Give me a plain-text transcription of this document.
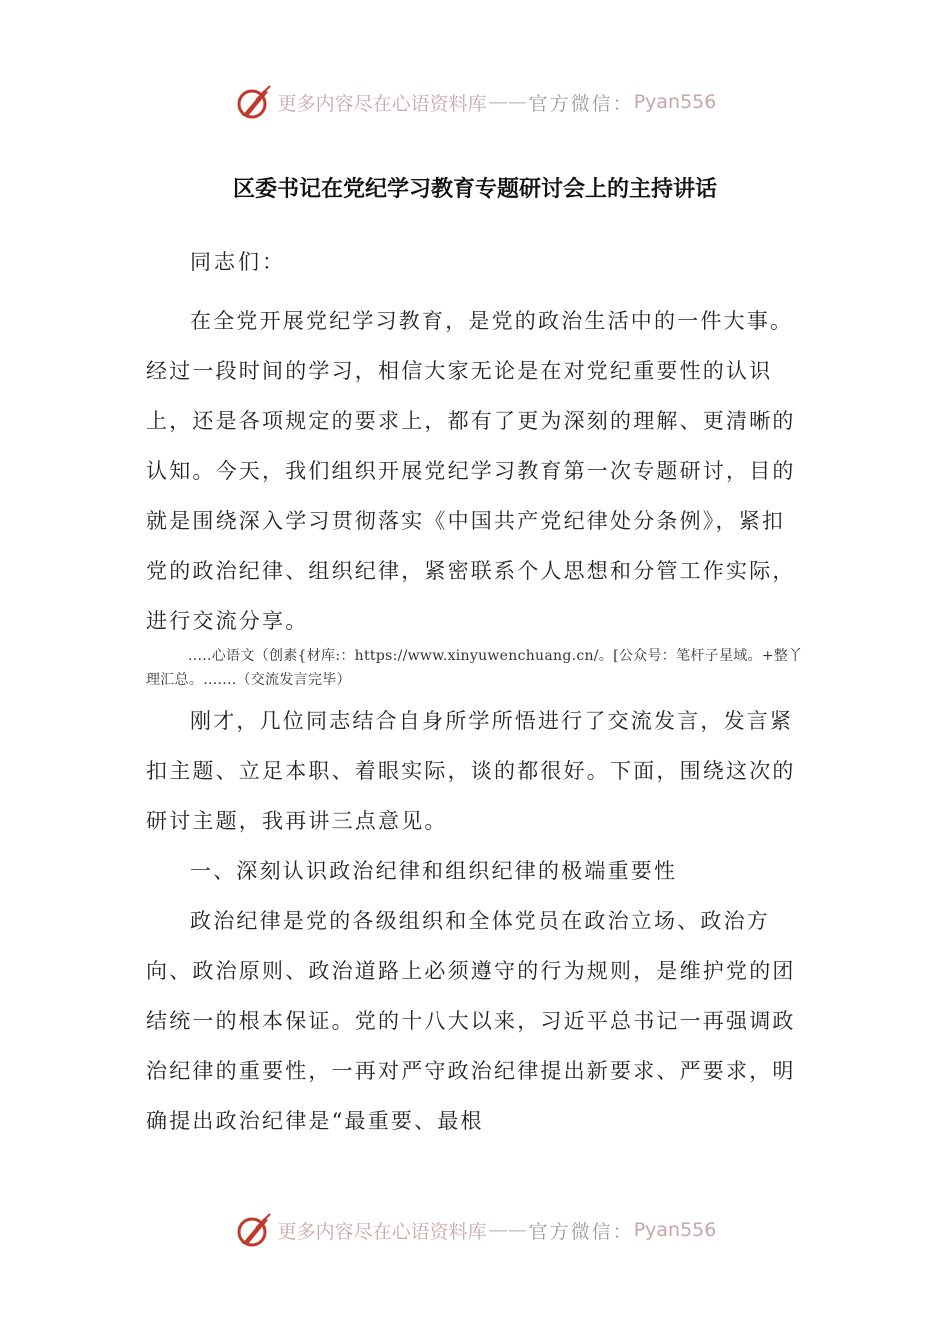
更多内容尽在心语资料库 —— 官方微信： Pyan556
区委书记在党纪学习教育专题研讨会上的主持讲话
同志们：

在全党开展党纪学习教育，是党的政治生活中的一件大事。经过一段时间的学习，相信大家无论是在对党纪重要性的认识上，还是各项规定的要求上，都有了更为深刻的理解、更清晰的认知。今天，我们组织开展党纪学习教育第一次专题研讨，目的就是围绕深入学习贯彻落实《中国共产党纪律处分条例》，紧扣党的政治纪律、组织纪律，紧密联系个人思想和分管工作实际，进行交流分享。

.....心语文（创素{材库:：https://www.xinyuwenchuang.cn/。[公众号：笔杆子星域。+整丫理汇总。.......（交流发言完毕）

刚才，几位同志结合自身所学所悟进行了交流发言，发言紧扣主题、立足本职、着眼实际，谈的都很好。下面，围绕这次的研讨主题，我再讲三点意见。

一、深刻认识政治纪律和组织纪律的极端重要性

政治纪律是党的各级组织和全体党员在政治立场、政治方向、政治原则、政治道路上必须遵守的行为规则，是维护党的团结统一的根本保证。党的十八大以来，习近平总书记一再强调政治纪律的重要性，一再对严守政治纪律提出新要求、严要求，明确提出政治纪律是“最重要、最根

更多内容尽在心语资料库 —— 官方微信： Pyan556
